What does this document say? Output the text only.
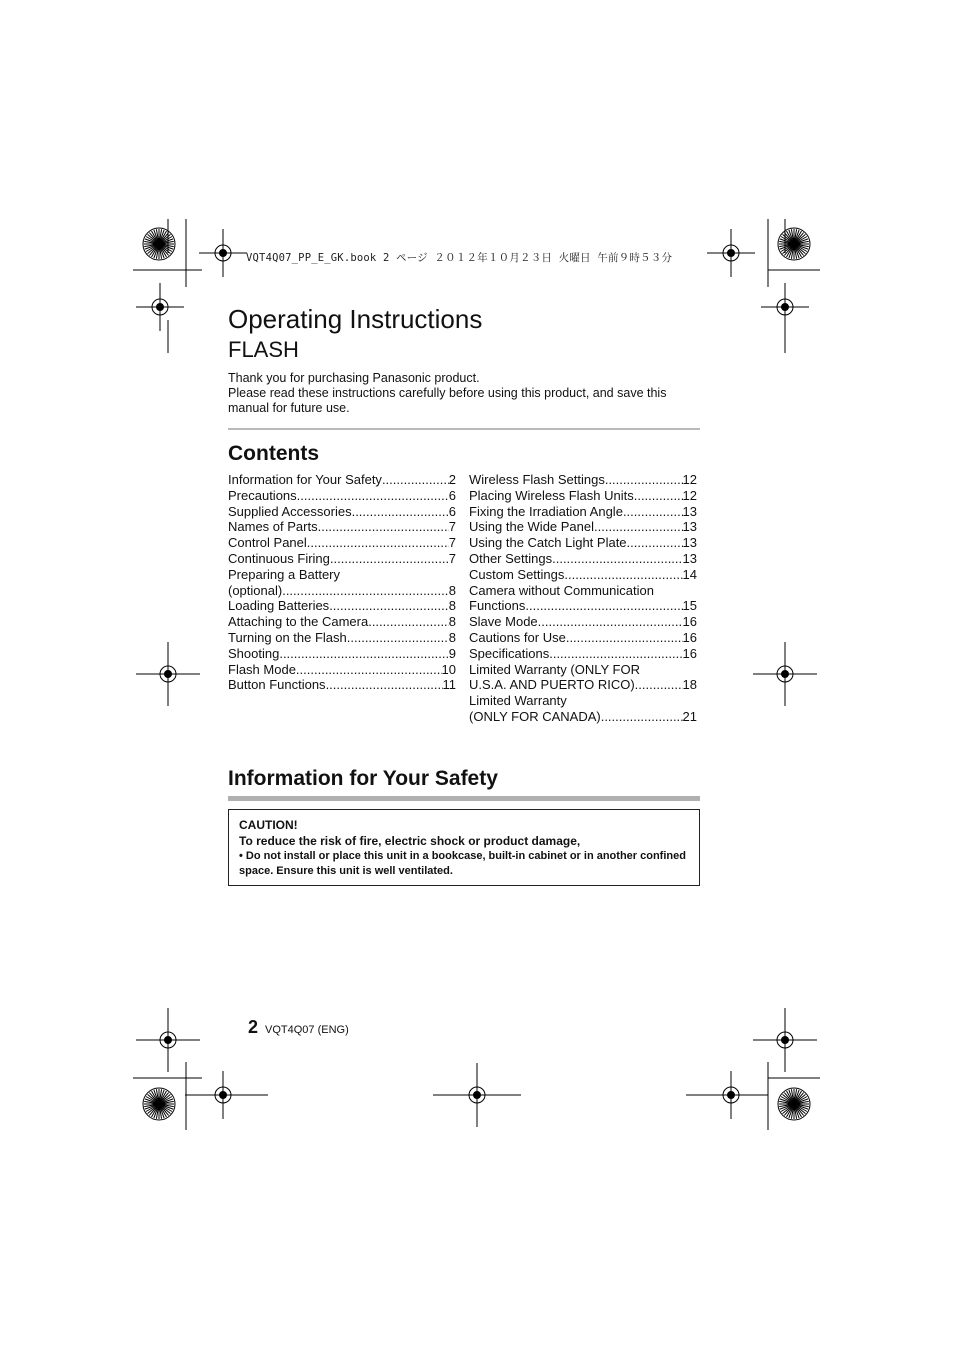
VQT4Q07_PP_E_GK.book 2 ページ ２０１２年１０月２３日 火曜日 午前９時５３分
Operating Instructions
FLASH

Thank you for purchasing Panasonic product.

Please read these instructions carefully before using this product, and save this manual for future use.

Contents
Information for Your Safety .....	2
Precautions .....	6
Supplied Accessories .....	6
Names of Parts .....	7
Control Panel .....	7
Continuous Firing .....	7
Preparing a Battery
(optional) .....	8
Loading Batteries .....	8
Attaching to the Camera .....	8
Turning on the Flash .....	8
Shooting .....	9
Flash Mode .....	10
Button Functions .....	11
Wireless Flash Settings .....	12
Placing Wireless Flash Units .....	12
Fixing the Irradiation Angle .....	13
Using the Wide Panel .....	13
Using the Catch Light Plate .....	13
Other Settings .....	13
Custom Settings .....	14
Camera without Communication
Functions .....	15
Slave Mode .....	16
Cautions for Use .....	16
Specifications .....	16
Limited Warranty (ONLY FOR
U.S.A. AND PUERTO RICO) .....	18
Limited Warranty
(ONLY FOR CANADA) .....	21
Information for Your Safety
CAUTION!
To reduce the risk of fire, electric shock or product damage,
• Do not install or place this unit in a bookcase, built-in cabinet or in another confined space. Ensure this unit is well ventilated.
2 VQT4Q07 (ENG)
